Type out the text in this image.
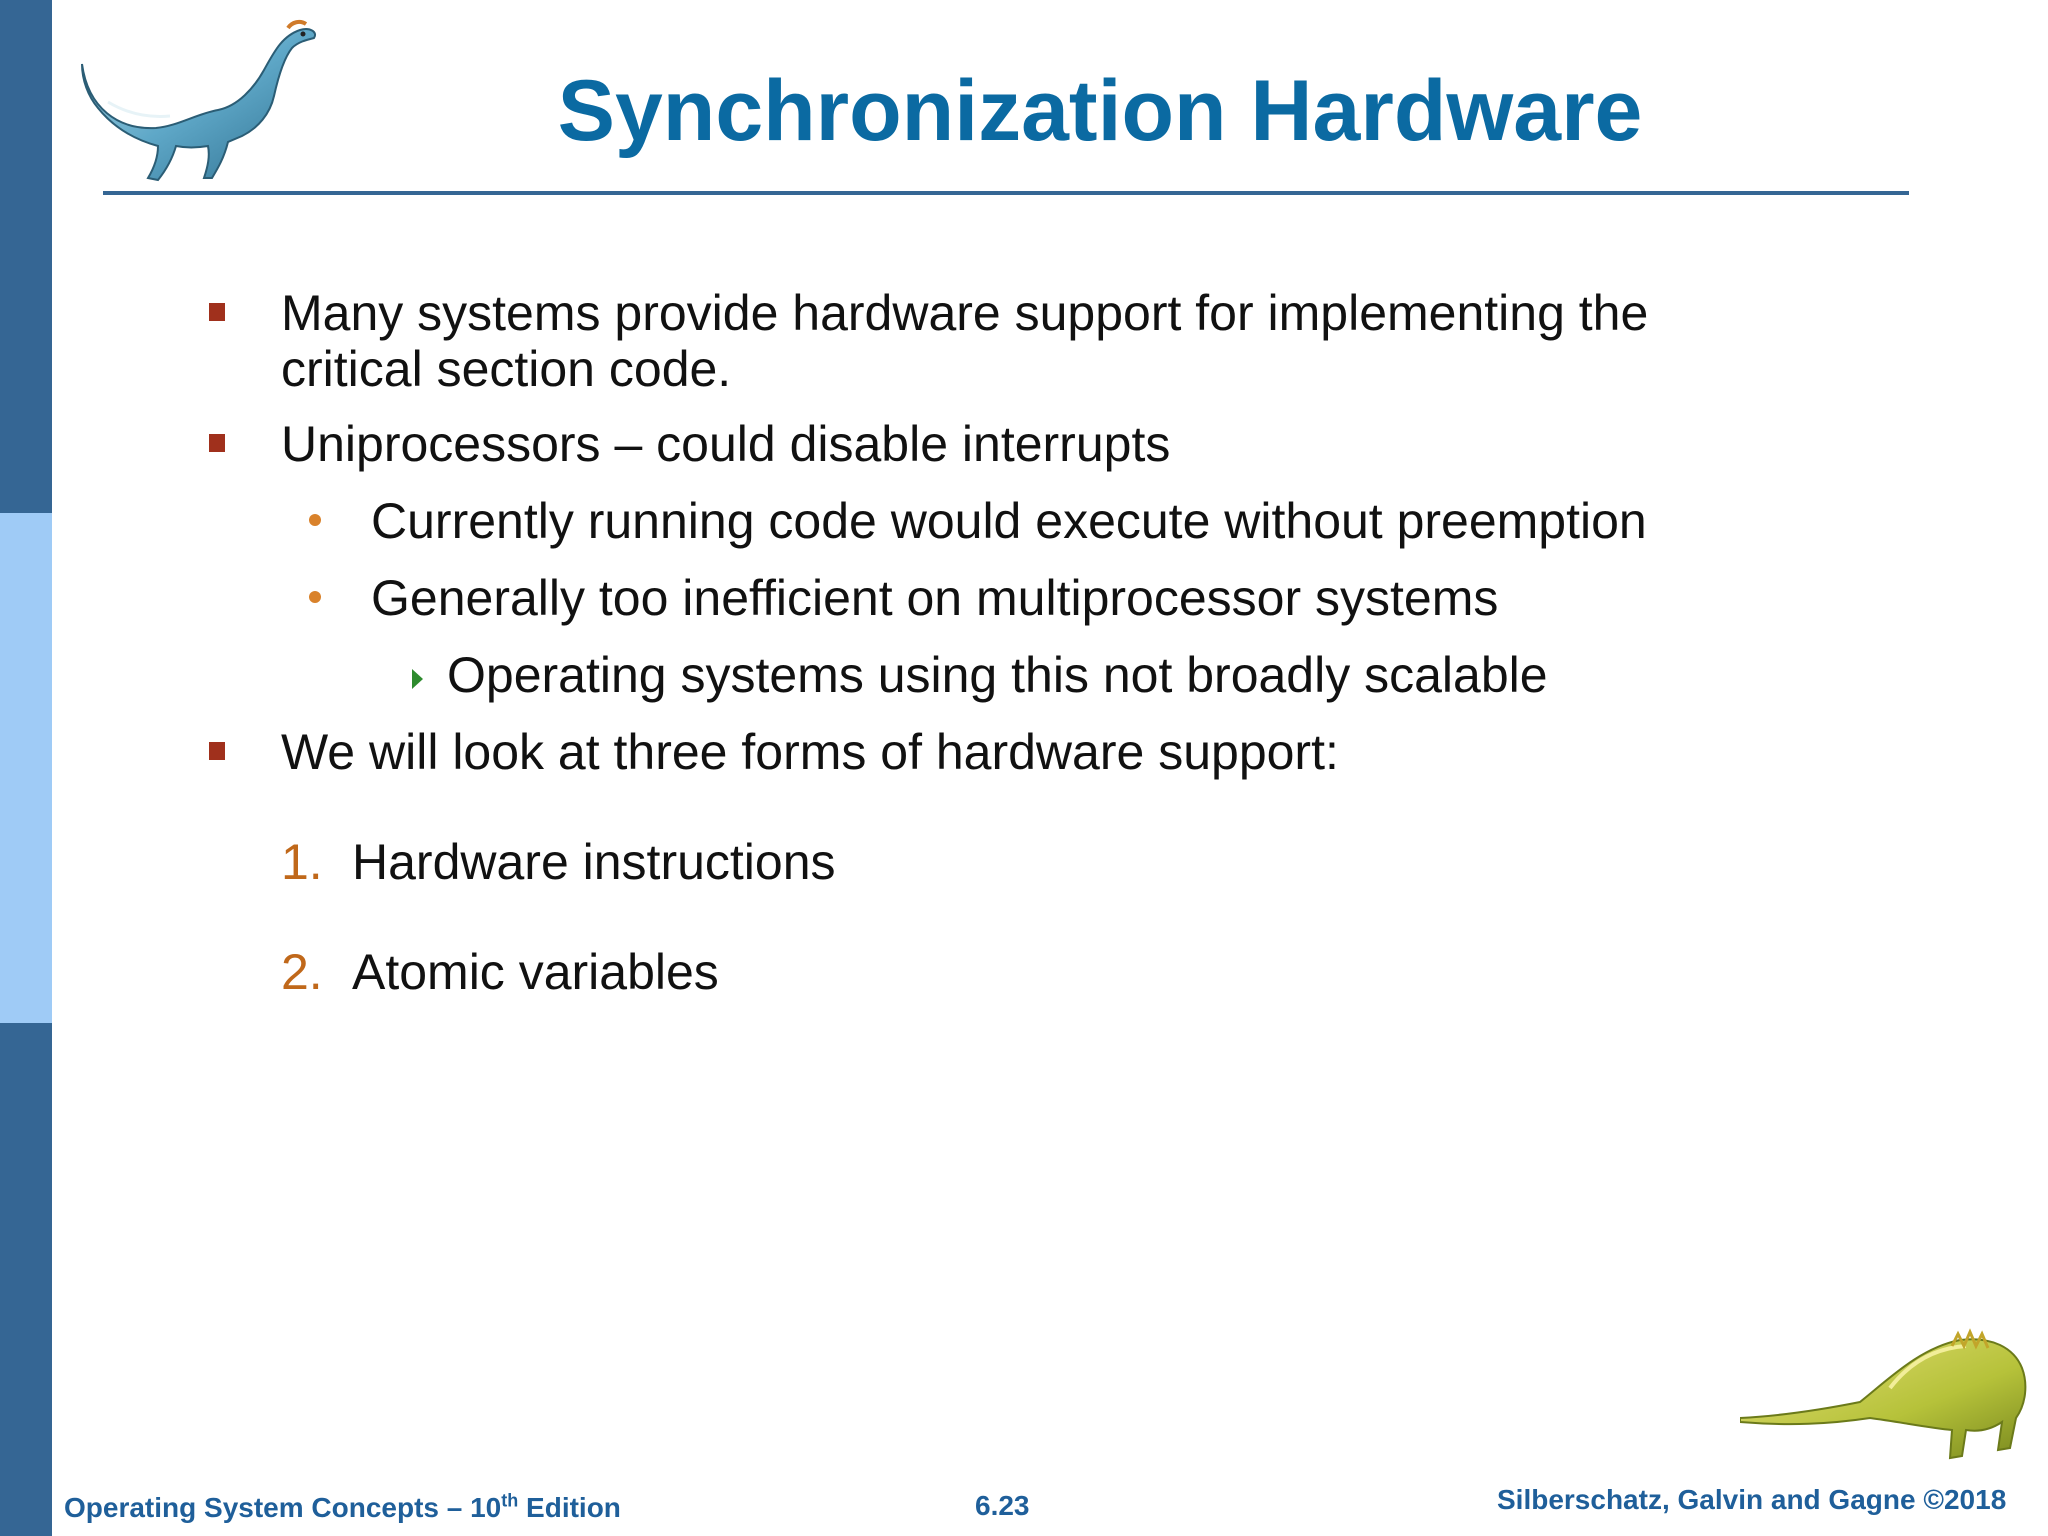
Synchronization Hardware
Many systems provide hardware support for implementing the
critical section code.
Uniprocessors – could disable interrupts
Currently running code would execute without preemption
Generally too inefficient on multiprocessor systems
Operating systems using this not broadly scalable
We will look at three forms of hardware support:
1. Hardware instructions
2. Atomic variables
Operating System Concepts – 10th Edition	6.23	Silberschatz, Galvin and Gagne ©2018
